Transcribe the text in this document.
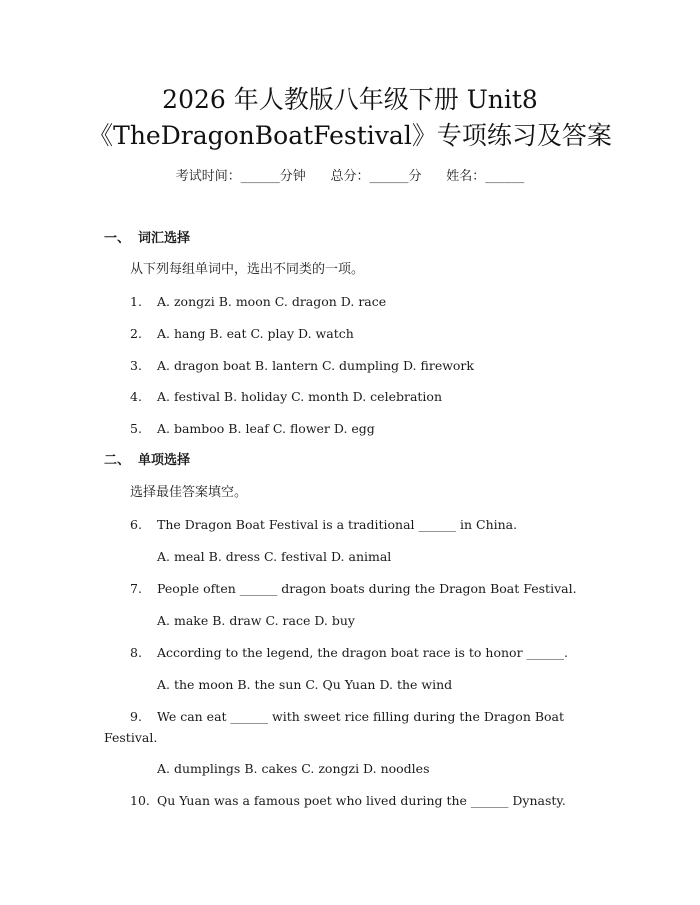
2026 年人教版八年级下册 Unit8
《TheDragonBoatFestival》专项练习及答案
考试时间：______分钟      总分：______分      姓名：______
一、 词汇选择
从下列每组单词中，选出不同类的一项。
1. A. zongzi B. moon C. dragon D. race
2. A. hang B. eat C. play D. watch
3. A. dragon boat B. lantern C. dumpling D. firework
4. A. festival B. holiday C. month D. celebration
5. A. bamboo B. leaf C. flower D. egg
二、 单项选择
选择最佳答案填空。
6. The Dragon Boat Festival is a traditional ______ in China.
A. meal B. dress C. festival D. animal
7. People often ______ dragon boats during the Dragon Boat Festival.
A. make B. draw C. race D. buy
8. According to the legend, the dragon boat race is to honor ______.
A. the moon B. the sun C. Qu Yuan D. the wind
9. We can eat ______ with sweet rice filling during the Dragon Boat
Festival.
A. dumplings B. cakes C. zongzi D. noodles
10. Qu Yuan was a famous poet who lived during the ______ Dynasty.
